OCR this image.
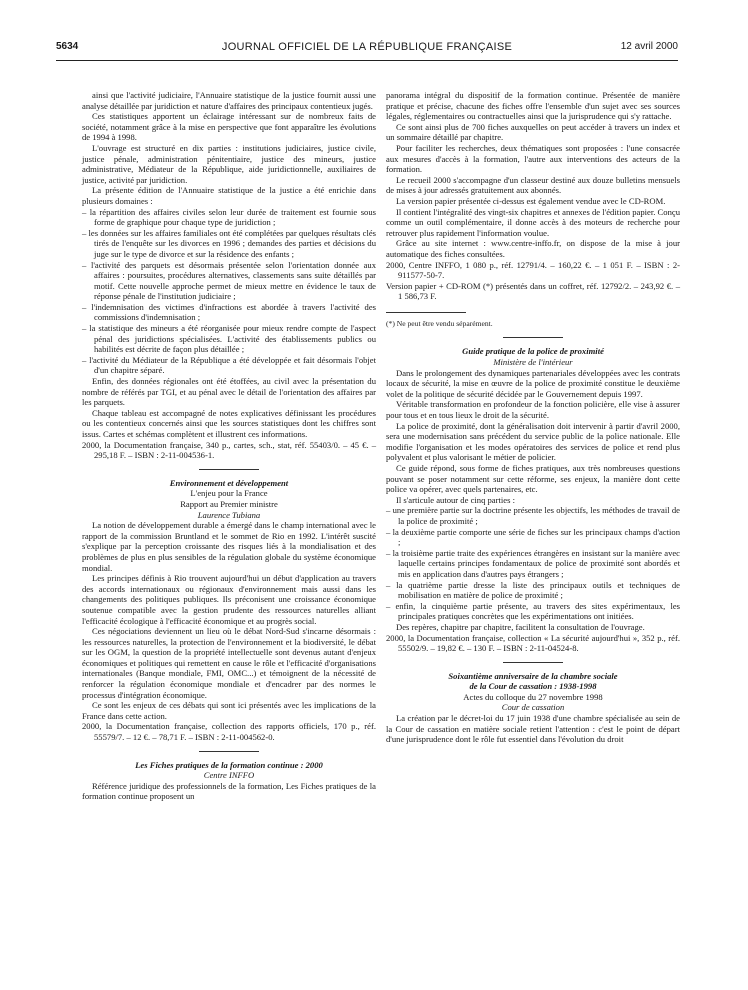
5634	JOURNAL OFFICIEL DE LA RÉPUBLIQUE FRANÇAISE	12 avril 2000

ainsi que l'activité judiciaire, l'Annuaire statistique de la justice fournit aussi une analyse détaillée par juridiction et nature d'affaires des principaux contentieux jugés.

Ces statistiques apportent un éclairage intéressant sur de nombreux faits de société, notamment grâce à la mise en perspective que font apparaître les évolutions de 1994 à 1998.

L'ouvrage est structuré en dix parties : institutions judiciaires, justice civile, justice pénale, administration pénitentiaire, justice des mineurs, justice administrative, Médiateur de la République, aide juridictionnelle, auxiliaires de justice, activité par juridiction.

La présente édition de l'Annuaire statistique de la justice a été enrichie dans plusieurs domaines :

– la répartition des affaires civiles selon leur durée de traitement est fournie sous forme de graphique pour chaque type de juridiction ;

– les données sur les affaires familiales ont été complétées par quelques résultats clés tirés de l'enquête sur les divorces en 1996 ; demandes des parties et décisions du juge sur le type de divorce et sur la résidence des enfants ;

– l'activité des parquets est désormais présentée selon l'orientation donnée aux affaires : poursuites, procédures alternatives, classements sans suite détaillés par motif. Cette nouvelle approche permet de mieux mettre en évidence le taux de réponse pénale de l'institution judiciaire ;

– l'indemnisation des victimes d'infractions est abordée à travers l'activité des commissions d'indemnisation ;

– la statistique des mineurs a été réorganisée pour mieux rendre compte de l'aspect pénal des juridictions spécialisées. L'activité des établissements publics ou habilités est décrite de façon plus détaillée ;

– l'activité du Médiateur de la République a été développée et fait désormais l'objet d'un chapitre séparé.

Enfin, des données régionales ont été étoffées, au civil avec la présentation du nombre de référés par TGI, et au pénal avec le détail de l'orientation des affaires par les parquets.

Chaque tableau est accompagné de notes explicatives définissant les procédures ou les contentieux concernés ainsi que les sources statistiques dont les chiffres sont issus. Cartes et schémas complètent et illustrent ces informations.

2000, la Documentation française, 340 p., cartes, sch., stat, réf. 55403/0. – 45 €. – 295,18 F. – ISBN : 2-11-004536-1.

Environnement et développement

L'enjeu pour la France

Rapport au Premier ministre

Laurence Tubiana

La notion de développement durable a émergé dans le champ international avec le rapport de la commission Bruntland et le sommet de Rio en 1992. L'intérêt suscité s'explique par la perception croissante des risques liés à la mondialisation et des problèmes de plus en plus sensibles de la régulation globale du système économique mondial.

Les principes définis à Rio trouvent aujourd'hui un début d'application au travers des accords internationaux ou régionaux d'environnement mais aussi dans les changements des politiques publiques. Ils préconisent une croissance économique soutenue compatible avec la gestion prudente des ressources naturelles alliant l'efficacité écologique à l'efficacité économique et au progrès social.

Ces négociations deviennent un lieu où le débat Nord-Sud s'incarne désormais : les ressources naturelles, la protection de l'environnement et la biodiversité, le débat sur les OGM, la question de la propriété intellectuelle sont devenus autant d'enjeux économiques et politiques qui remettent en cause le rôle et l'efficacité d'organisations internationales (Banque mondiale, FMI, OMC...) et témoignent de la nécessité de renforcer la régulation économique mondiale et d'encadrer par des normes le processus d'intégration économique.

Ce sont les enjeux de ces débats qui sont ici présentés avec les implications de la France dans cette action.

2000, la Documentation française, collection des rapports officiels, 170 p., réf. 55579/7. – 12 €. – 78,71 F. – ISBN : 2-11-004562-0.

Les Fiches pratiques de la formation continue : 2000

Centre INFFO

Référence juridique des professionnels de la formation, Les Fiches pratiques de la formation continue proposent un

panorama intégral du dispositif de la formation continue. Présentée de manière pratique et précise, chacune des fiches offre l'ensemble d'un sujet avec ses sources légales, réglementaires ou contractuelles ainsi que la jurisprudence qui s'y rattache.

Ce sont ainsi plus de 700 fiches auxquelles on peut accéder à travers un index et un sommaire détaillé par chapitre.

Pour faciliter les recherches, deux thématiques sont proposées : l'une consacrée aux mesures d'accès à la formation, l'autre aux interventions des acteurs de la formation.

Le recueil 2000 s'accompagne d'un classeur destiné aux douze bulletins mensuels de mises à jour adressés gratuitement aux abonnés.

La version papier présentée ci-dessus est également vendue avec le CD-ROM.

Il contient l'intégralité des vingt-six chapitres et annexes de l'édition papier. Conçu comme un outil complémentaire, il donne accès à des moteurs de recherche pour retrouver plus rapidement l'information voulue.

Grâce au site internet : www.centre-inffo.fr, on dispose de la mise à jour automatique des fiches consultées.

2000, Centre INFFO, 1 080 p., réf. 12791/4. – 160,22 €. – 1 051 F. – ISBN : 2-911577-50-7.

Version papier + CD-ROM (*) présentés dans un coffret, réf. 12792/2. – 243,92 €. – 1 586,73 F.

(*) Ne peut être vendu séparément.

Guide pratique de la police de proximité

Ministère de l'intérieur

Dans le prolongement des dynamiques partenariales développées avec les contrats locaux de sécurité, la mise en œuvre de la police de proximité constitue le deuxième volet de la politique de sécurité décidée par le Gouvernement depuis 1997.

Véritable transformation en profondeur de la fonction policière, elle vise à assurer pour tous et en tous lieux le droit de la sécurité.

La police de proximité, dont la généralisation doit intervenir à partir d'avril 2000, sera une modernisation sans précédent du service public de la police nationale. Elle modifie l'organisation et les modes opératoires des services de police et rend plus polyvalent et plus valorisant le métier de policier.

Ce guide répond, sous forme de fiches pratiques, aux très nombreuses questions pouvant se poser notamment sur cette réforme, ses enjeux, la manière dont cette police va opérer, avec quels partenaires, etc.

Il s'articule autour de cinq parties :

– une première partie sur la doctrine présente les objectifs, les méthodes de travail de la police de proximité ;

– la deuxième partie comporte une série de fiches sur les principaux champs d'action ;

– la troisième partie traite des expériences étrangères en insistant sur la manière avec laquelle certains principes fondamentaux de police de proximité sont abordés et mis en application dans d'autres pays étrangers ;

– la quatrième partie dresse la liste des principaux outils et techniques de mobilisation en matière de police de proximité ;

– enfin, la cinquième partie présente, au travers des sites expérimentaux, les principales pratiques concrètes que les expérimentations ont initiées.

Des repères, chapitre par chapitre, facilitent la consultation de l'ouvrage.

2000, la Documentation française, collection « La sécurité aujourd'hui », 352 p., réf. 55502/9. – 19,82 €. – 130 F. – ISBN : 2-11-04524-8.

Soixantième anniversaire de la chambre sociale

de la Cour de cassation : 1938-1998

Actes du colloque du 27 novembre 1998

Cour de cassation

La création par le décret-loi du 17 juin 1938 d'une chambre spécialisée au sein de la Cour de cassation en matière sociale retient l'attention : c'est le point de départ d'une jurisprudence dont le rôle fut essentiel dans l'évolution du droit
